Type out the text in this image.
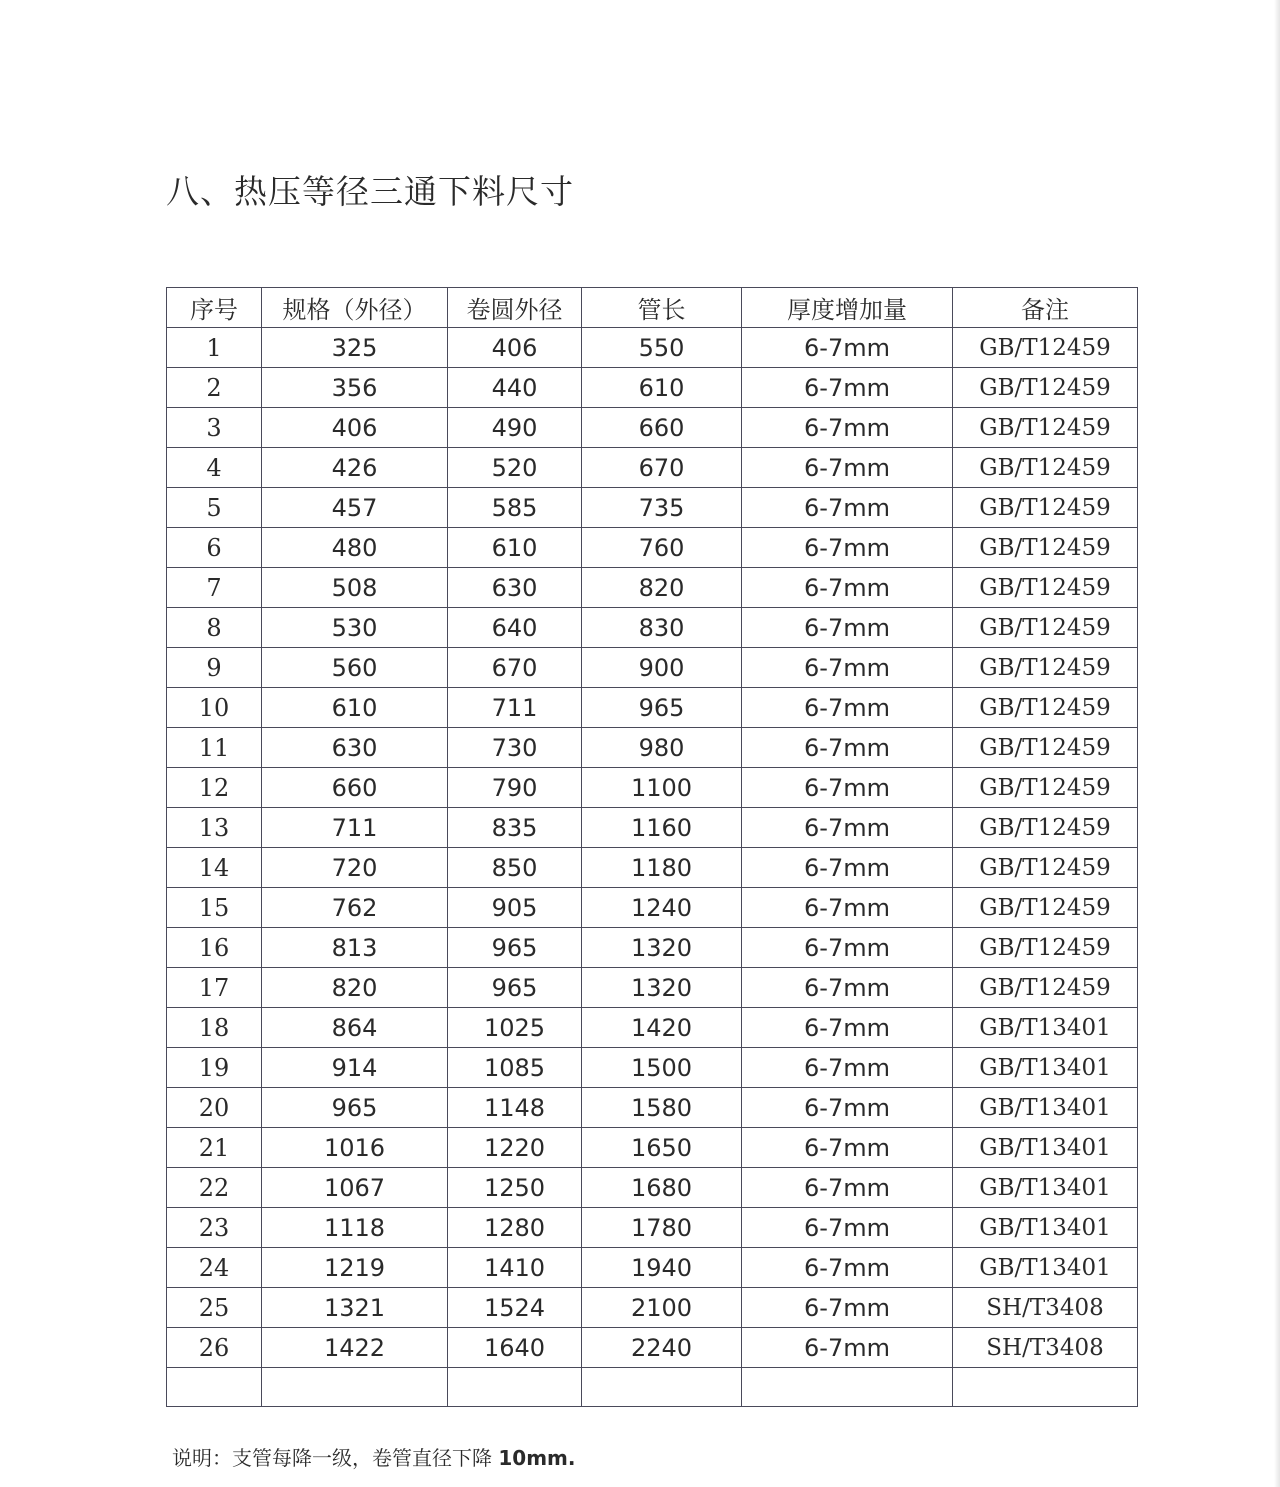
八、热压等径三通下料尺寸
序号	规格（外径）	卷圆外径	管长	厚度增加量	备注
1	325	406	550	6-7mm	GB/T12459
2	356	440	610	6-7mm	GB/T12459
3	406	490	660	6-7mm	GB/T12459
4	426	520	670	6-7mm	GB/T12459
5	457	585	735	6-7mm	GB/T12459
6	480	610	760	6-7mm	GB/T12459
7	508	630	820	6-7mm	GB/T12459
8	530	640	830	6-7mm	GB/T12459
9	560	670	900	6-7mm	GB/T12459
10	610	711	965	6-7mm	GB/T12459
11	630	730	980	6-7mm	GB/T12459
12	660	790	1100	6-7mm	GB/T12459
13	711	835	1160	6-7mm	GB/T12459
14	720	850	1180	6-7mm	GB/T12459
15	762	905	1240	6-7mm	GB/T12459
16	813	965	1320	6-7mm	GB/T12459
17	820	965	1320	6-7mm	GB/T12459
18	864	1025	1420	6-7mm	GB/T13401
19	914	1085	1500	6-7mm	GB/T13401
20	965	1148	1580	6-7mm	GB/T13401
21	1016	1220	1650	6-7mm	GB/T13401
22	1067	1250	1680	6-7mm	GB/T13401
23	1118	1280	1780	6-7mm	GB/T13401
24	1219	1410	1940	6-7mm	GB/T13401
25	1321	1524	2100	6-7mm	SH/T3408
26	1422	1640	2240	6-7mm	SH/T3408

说明：支管每降一级，卷管直径下降 10mm.
